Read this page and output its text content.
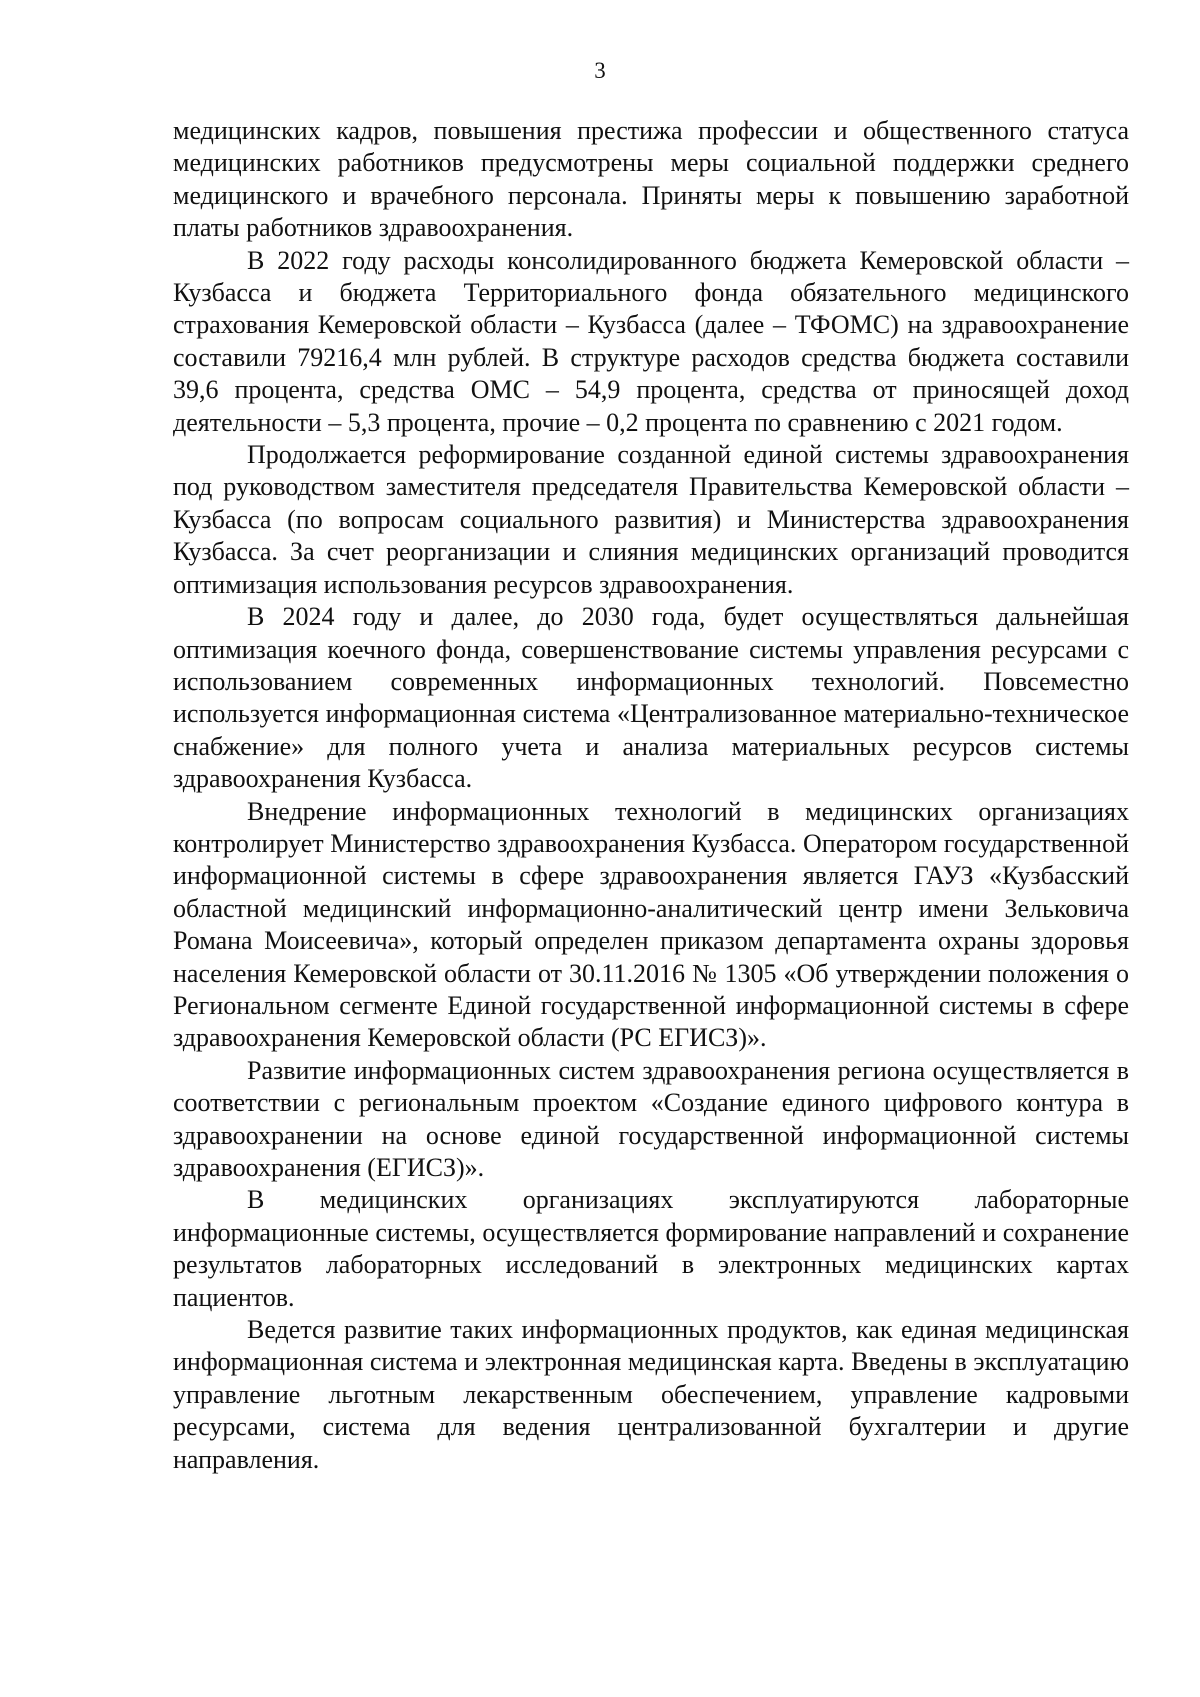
3

медицинских кадров, повышения престижа профессии и общественного статуса медицинских работников предусмотрены меры социальной поддержки среднего медицинского и врачебного персонала. Приняты меры к повышению заработной платы работников здравоохранения.

В 2022 году расходы консолидированного бюджета Кемеровской области – Кузбасса и бюджета Территориального фонда обязательного медицинского страхования Кемеровской области – Кузбасса (далее – ТФОМС) на здравоохранение составили 79216,4 млн рублей. В структуре расходов средства бюджета составили 39,6 процента, средства ОМС – 54,9 процента, средства от приносящей доход деятельности – 5,3 процента, прочие – 0,2 процента по сравнению с 2021 годом.

Продолжается реформирование созданной единой системы здравоохранения под руководством заместителя председателя Правительства Кемеровской области – Кузбасса (по вопросам социального развития) и Министерства здравоохранения Кузбасса. За счет реорганизации и слияния медицинских организаций проводится оптимизация использования ресурсов здравоохранения.

В 2024 году и далее, до 2030 года, будет осуществляться дальнейшая оптимизация коечного фонда, совершенствование системы управления ресурсами с использованием современных информационных технологий. Повсеместно используется информационная система «Централизованное материально-техническое снабжение» для полного учета и анализа материальных ресурсов системы здравоохранения Кузбасса.

Внедрение информационных технологий в медицинских организациях контролирует Министерство здравоохранения Кузбасса. Оператором государственной информационной системы в сфере здравоохранения является ГАУЗ «Кузбасский областной медицинский информационно-аналитический центр имени Зельковича Романа Моисеевича», который определен приказом департамента охраны здоровья населения Кемеровской области от 30.11.2016 № 1305 «Об утверждении положения о Региональном сегменте Единой государственной информационной системы в сфере здравоохранения Кемеровской области (РС ЕГИСЗ)».

Развитие информационных систем здравоохранения региона осуществляется в соответствии с региональным проектом «Создание единого цифрового контура в здравоохранении на основе единой государственной информационной системы здравоохранения (ЕГИСЗ)».

В медицинских организациях эксплуатируются лабораторные информационные системы, осуществляется формирование направлений и сохранение результатов лабораторных исследований в электронных медицинских картах пациентов.

Ведется развитие таких информационных продуктов, как единая медицинская информационная система и электронная медицинская карта. Введены в эксплуатацию управление льготным лекарственным обеспечением, управление кадровыми ресурсами, система для ведения централизованной бухгалтерии и другие направления.
